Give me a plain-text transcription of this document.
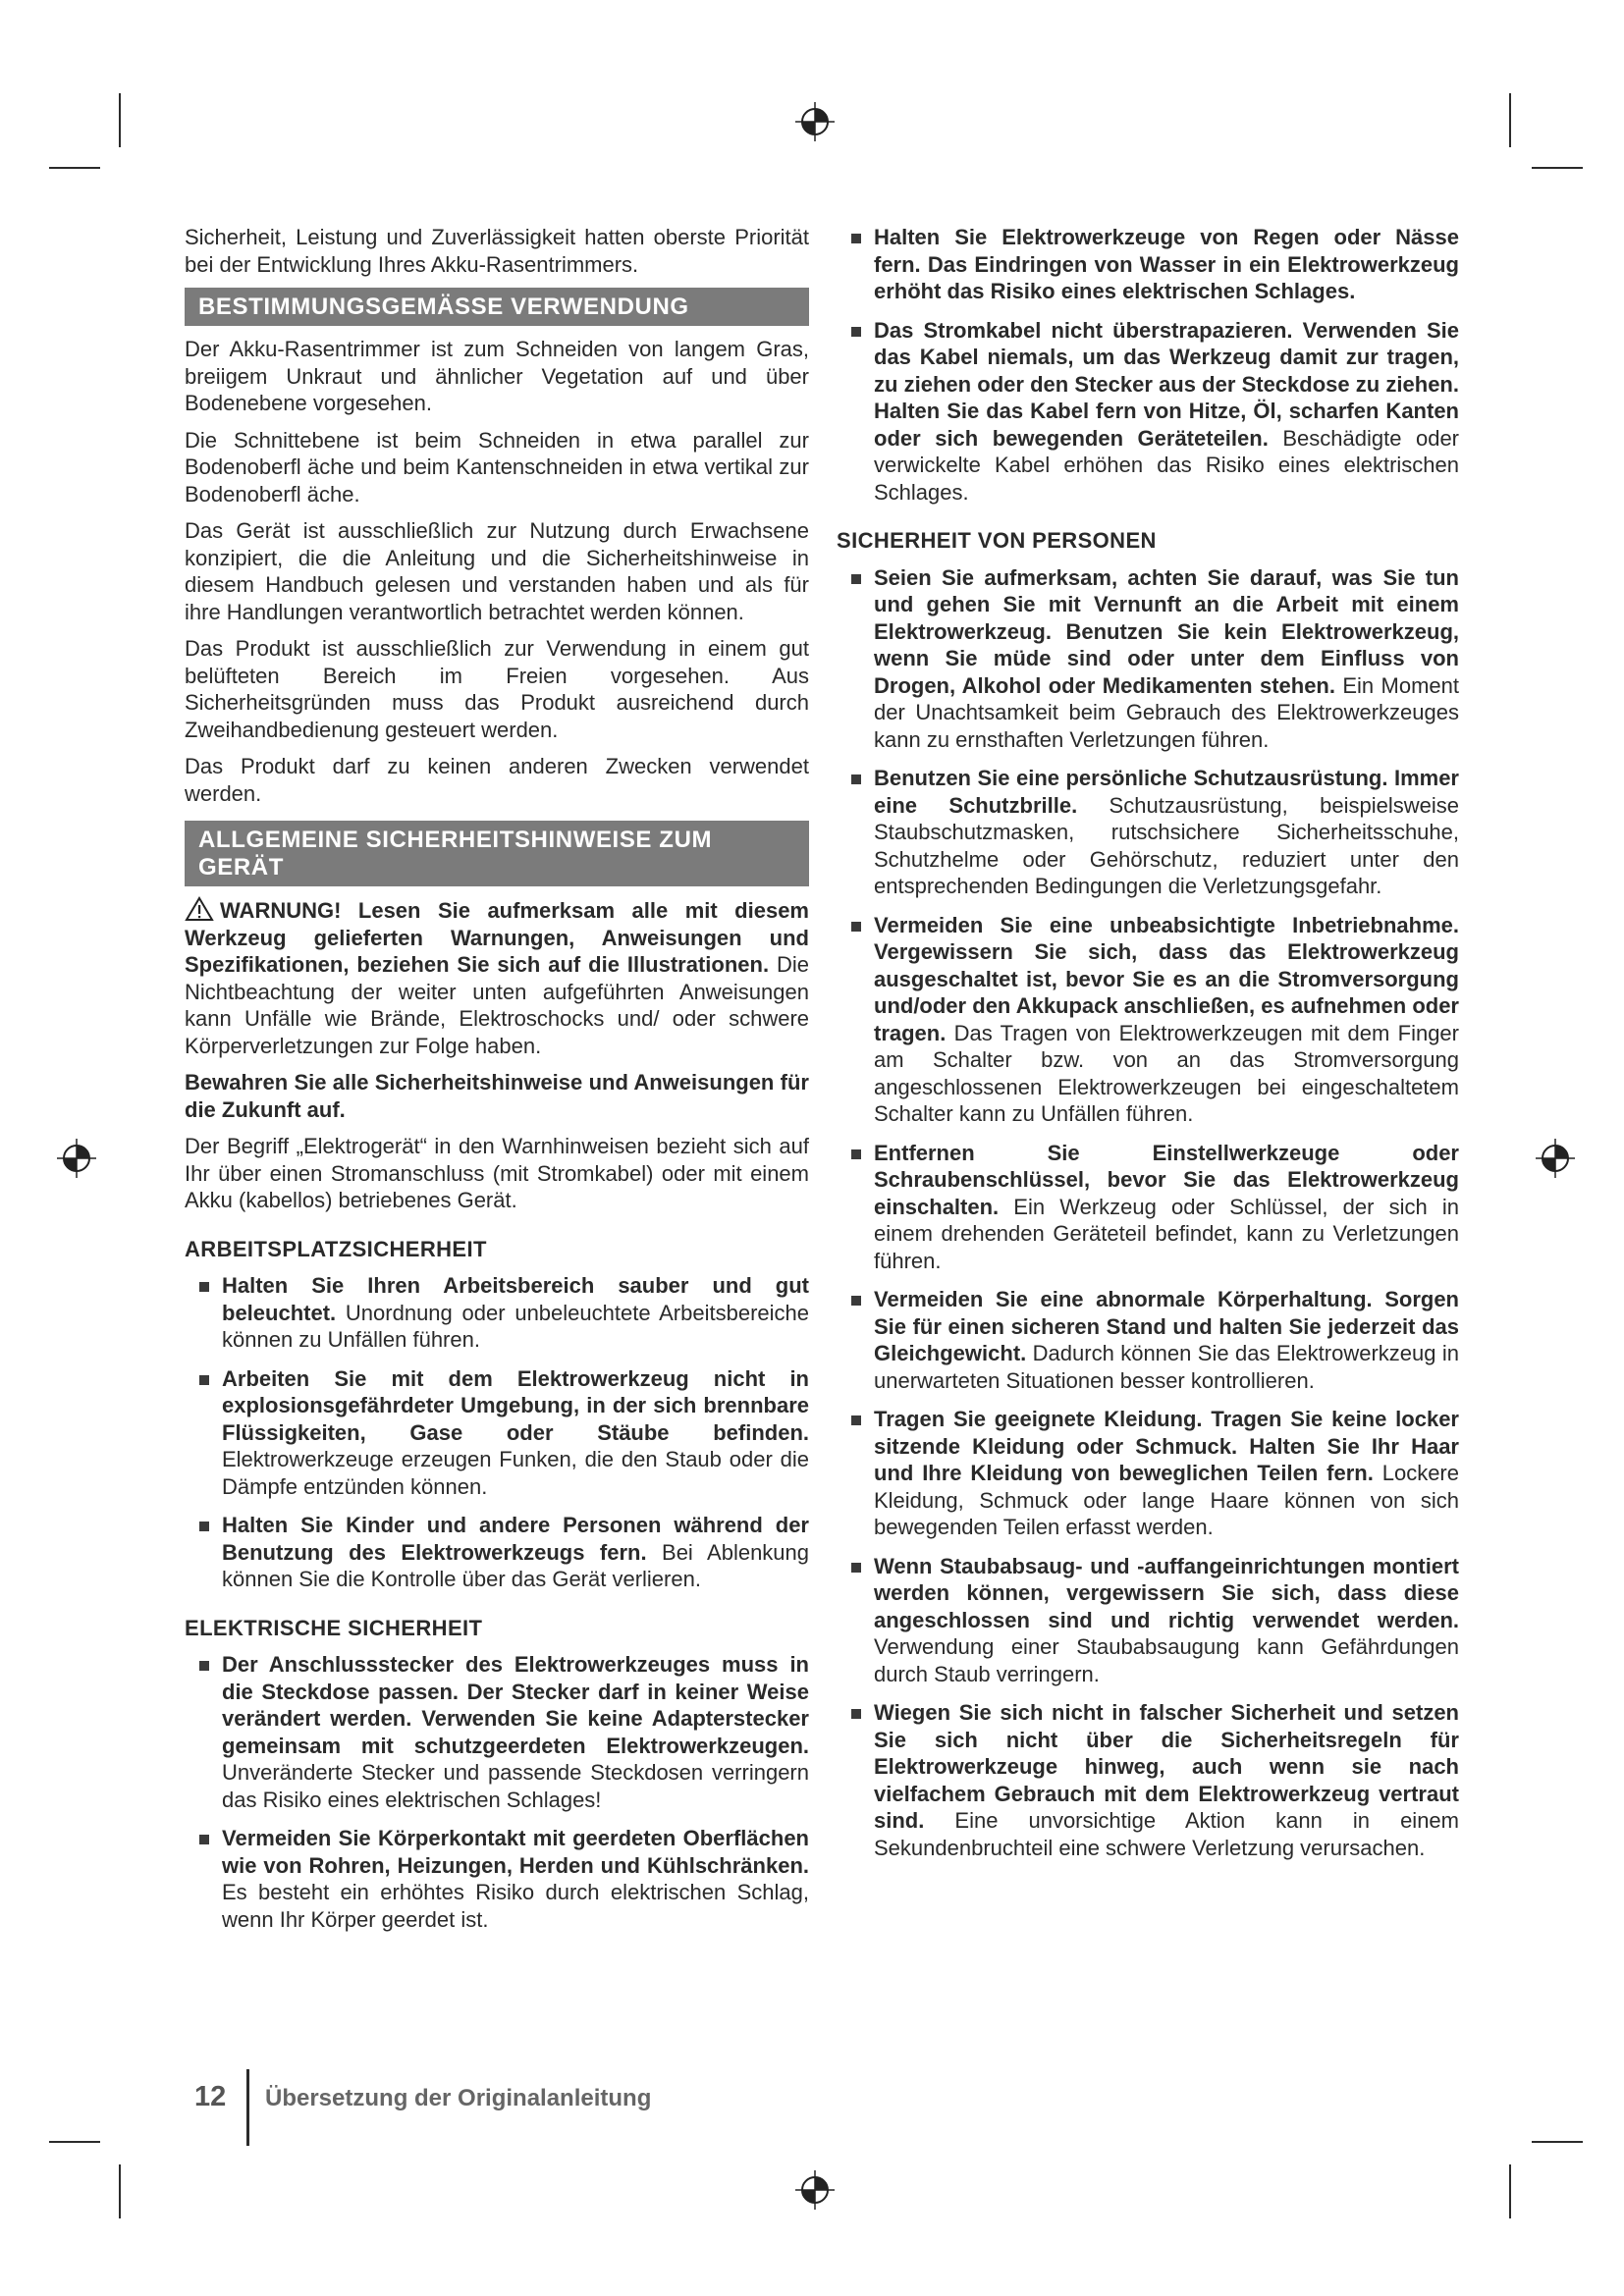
Sicherheit, Leistung und Zuverlässigkeit hatten oberste Priorität bei der Entwicklung Ihres Akku-Rasentrimmers.

BESTIMMUNGSGEMÄSSE VERWENDUNG

Der Akku-Rasentrimmer ist zum Schneiden von langem Gras, breiigem Unkraut und ähnlicher Vegetation auf und über Bodenebene vorgesehen.

Die Schnittebene ist beim Schneiden in etwa parallel zur Bodenoberfl äche und beim Kantenschneiden in etwa vertikal zur Bodenoberfl äche.

Das Gerät ist ausschließlich zur Nutzung durch Erwachsene konzipiert, die die Anleitung und die Sicherheitshinweise in diesem Handbuch gelesen und verstanden haben und als für ihre Handlungen verantwortlich betrachtet werden können.

Das Produkt ist ausschließlich zur Verwendung in einem gut belüfteten Bereich im Freien vorgesehen. Aus Sicherheitsgründen muss das Produkt ausreichend durch Zweihandbedienung gesteuert werden.

Das Produkt darf zu keinen anderen Zwecken verwendet werden.

ALLGEMEINE SICHERHEITSHINWEISE ZUM GERÄT

WARNUNG! Lesen Sie aufmerksam alle mit diesem Werkzeug gelieferten Warnungen, Anweisungen und Spezifikationen, beziehen Sie sich auf die Illustrationen. Die Nichtbeachtung der weiter unten aufgeführten Anweisungen kann Unfälle wie Brände, Elektroschocks und/ oder schwere Körperverletzungen zur Folge haben.

Bewahren Sie alle Sicherheitshinweise und Anweisungen für die Zukunft auf.

Der Begriff „Elektrogerät“ in den Warnhinweisen bezieht sich auf Ihr über einen Stromanschluss (mit Stromkabel) oder mit einem Akku (kabellos) betriebenes Gerät.

ARBEITSPLATZSICHERHEIT
Halten Sie Ihren Arbeitsbereich sauber und gut beleuchtet. Unordnung oder unbeleuchtete Arbeitsbereiche können zu Unfällen führen.
Arbeiten Sie mit dem Elektrowerkzeug nicht in explosionsgefährdeter Umgebung, in der sich brennbare Flüssigkeiten, Gase oder Stäube befinden. Elektrowerkzeuge erzeugen Funken, die den Staub oder die Dämpfe entzünden können.
Halten Sie Kinder und andere Personen während der Benutzung des Elektrowerkzeugs fern. Bei Ablenkung können Sie die Kontrolle über das Gerät verlieren.
ELEKTRISCHE SICHERHEIT
Der Anschlussstecker des Elektrowerkzeuges muss in die Steckdose passen. Der Stecker darf in keiner Weise verändert werden. Verwenden Sie keine Adapterstecker gemeinsam mit schutzgeerdeten Elektrowerkzeugen. Unveränderte Stecker und passende Steckdosen verringern das Risiko eines elektrischen Schlages!
Vermeiden Sie Körperkontakt mit geerdeten Oberflächen wie von Rohren, Heizungen, Herden und Kühlschränken. Es besteht ein erhöhtes Risiko durch elektrischen Schlag, wenn Ihr Körper geerdet ist.
Halten Sie Elektrowerkzeuge von Regen oder Nässe fern. Das Eindringen von Wasser in ein Elektrowerkzeug erhöht das Risiko eines elektrischen Schlages.
Das Stromkabel nicht überstrapazieren. Verwenden Sie das Kabel niemals, um das Werkzeug damit zur tragen, zu ziehen oder den Stecker aus der Steckdose zu ziehen. Halten Sie das Kabel fern von Hitze, Öl, scharfen Kanten oder sich bewegenden Geräteteilen. Beschädigte oder verwickelte Kabel erhöhen das Risiko eines elektrischen Schlages.
SICHERHEIT VON PERSONEN
Seien Sie aufmerksam, achten Sie darauf, was Sie tun und gehen Sie mit Vernunft an die Arbeit mit einem Elektrowerkzeug. Benutzen Sie kein Elektrowerkzeug, wenn Sie müde sind oder unter dem Einfluss von Drogen, Alkohol oder Medikamenten stehen. Ein Moment der Unachtsamkeit beim Gebrauch des Elektrowerkzeuges kann zu ernsthaften Verletzungen führen.
Benutzen Sie eine persönliche Schutzausrüstung. Immer eine Schutzbrille. Schutzausrüstung, beispielsweise Staubschutzmasken, rutschsichere Sicherheitsschuhe, Schutzhelme oder Gehörschutz, reduziert unter den entsprechenden Bedingungen die Verletzungsgefahr.
Vermeiden Sie eine unbeabsichtigte Inbetriebnahme. Vergewissern Sie sich, dass das Elektrowerkzeug ausgeschaltet ist, bevor Sie es an die Stromversorgung und/oder den Akkupack anschließen, es aufnehmen oder tragen. Das Tragen von Elektrowerkzeugen mit dem Finger am Schalter bzw. von an das Stromversorgung angeschlossenen Elektrowerkzeugen bei eingeschaltetem Schalter kann zu Unfällen führen.
Entfernen Sie Einstellwerkzeuge oder Schraubenschlüssel, bevor Sie das Elektrowerkzeug einschalten. Ein Werkzeug oder Schlüssel, der sich in einem drehenden Geräteteil befindet, kann zu Verletzungen führen.
Vermeiden Sie eine abnormale Körperhaltung. Sorgen Sie für einen sicheren Stand und halten Sie jederzeit das Gleichgewicht. Dadurch können Sie das Elektrowerkzeug in unerwarteten Situationen besser kontrollieren.
Tragen Sie geeignete Kleidung. Tragen Sie keine locker sitzende Kleidung oder Schmuck. Halten Sie Ihr Haar und Ihre Kleidung von beweglichen Teilen fern. Lockere Kleidung, Schmuck oder lange Haare können von sich bewegenden Teilen erfasst werden.
Wenn Staubabsaug- und -auffangeinrichtungen montiert werden können, vergewissern Sie sich, dass diese angeschlossen sind und richtig verwendet werden. Verwendung einer Staubabsaugung kann Gefährdungen durch Staub verringern.
Wiegen Sie sich nicht in falscher Sicherheit und setzen Sie sich nicht über die Sicherheitsregeln für Elektrowerkzeuge hinweg, auch wenn sie nach vielfachem Gebrauch mit dem Elektrowerkzeug vertraut sind. Eine unvorsichtige Aktion kann in einem Sekundenbruchteil eine schwere Verletzung verursachen.
12 Übersetzung der Originalanleitung
